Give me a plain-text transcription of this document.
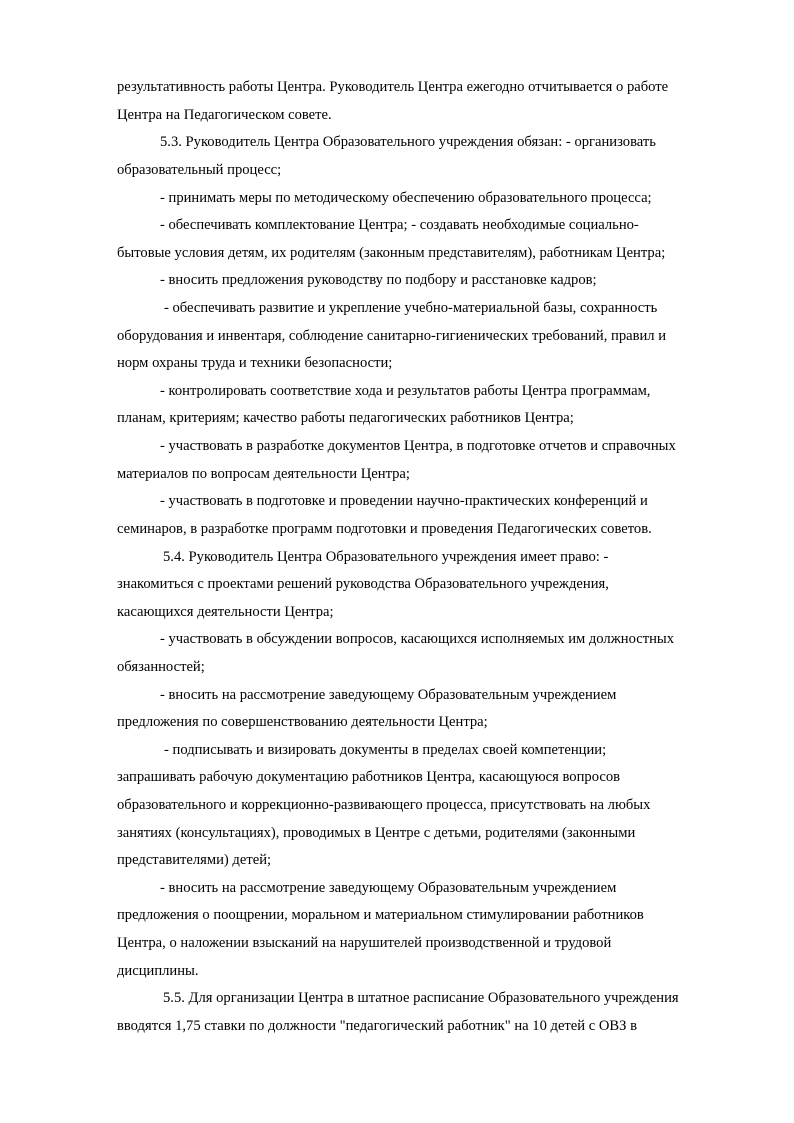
результативность работы Центра. Руководитель Центра ежегодно отчитывается о работе
Центра на Педагогическом совете.
5.3. Руководитель Центра Образовательного учреждения обязан: - организовать
образовательный процесс;
- принимать меры по методическому обеспечению образовательного процесса;
- обеспечивать комплектование Центра; - создавать необходимые социально-
бытовые условия детям, их родителям (законным представителям), работникам Центра;
- вносить предложения руководству по подбору и расстановке кадров;
- обеспечивать развитие и укрепление учебно-материальной базы, сохранность
оборудования и инвентаря, соблюдение санитарно-гигиенических требований, правил и
норм охраны труда и техники безопасности;
- контролировать соответствие хода и результатов работы Центра программам,
планам, критериям; качество работы педагогических работников Центра;
- участвовать в разработке документов Центра, в подготовке отчетов и справочных
материалов по вопросам деятельности Центра;
- участвовать в подготовке и проведении научно-практических конференций и
семинаров, в разработке программ подготовки и проведения Педагогических советов.
5.4. Руководитель Центра Образовательного учреждения имеет право: -
знакомиться с проектами решений руководства Образовательного учреждения,
касающихся деятельности Центра;
- участвовать в обсуждении вопросов, касающихся исполняемых им должностных
обязанностей;
- вносить на рассмотрение заведующему Образовательным учреждением
предложения по совершенствованию деятельности Центра;
- подписывать и визировать документы в пределах своей компетенции;
запрашивать рабочую документацию работников Центра, касающуюся вопросов
образовательного и коррекционно-развивающего процесса, присутствовать на любых
занятиях (консультациях), проводимых в Центре с детьми, родителями (законными
представителями) детей;
- вносить на рассмотрение заведующему Образовательным учреждением
предложения о поощрении, моральном и материальном стимулировании работников
Центра, о наложении взысканий на нарушителей производственной и трудовой
дисциплины.
5.5. Для организации Центра в штатное расписание Образовательного учреждения
вводятся 1,75 ставки по должности "педагогический работник" на 10 детей с ОВЗ в
